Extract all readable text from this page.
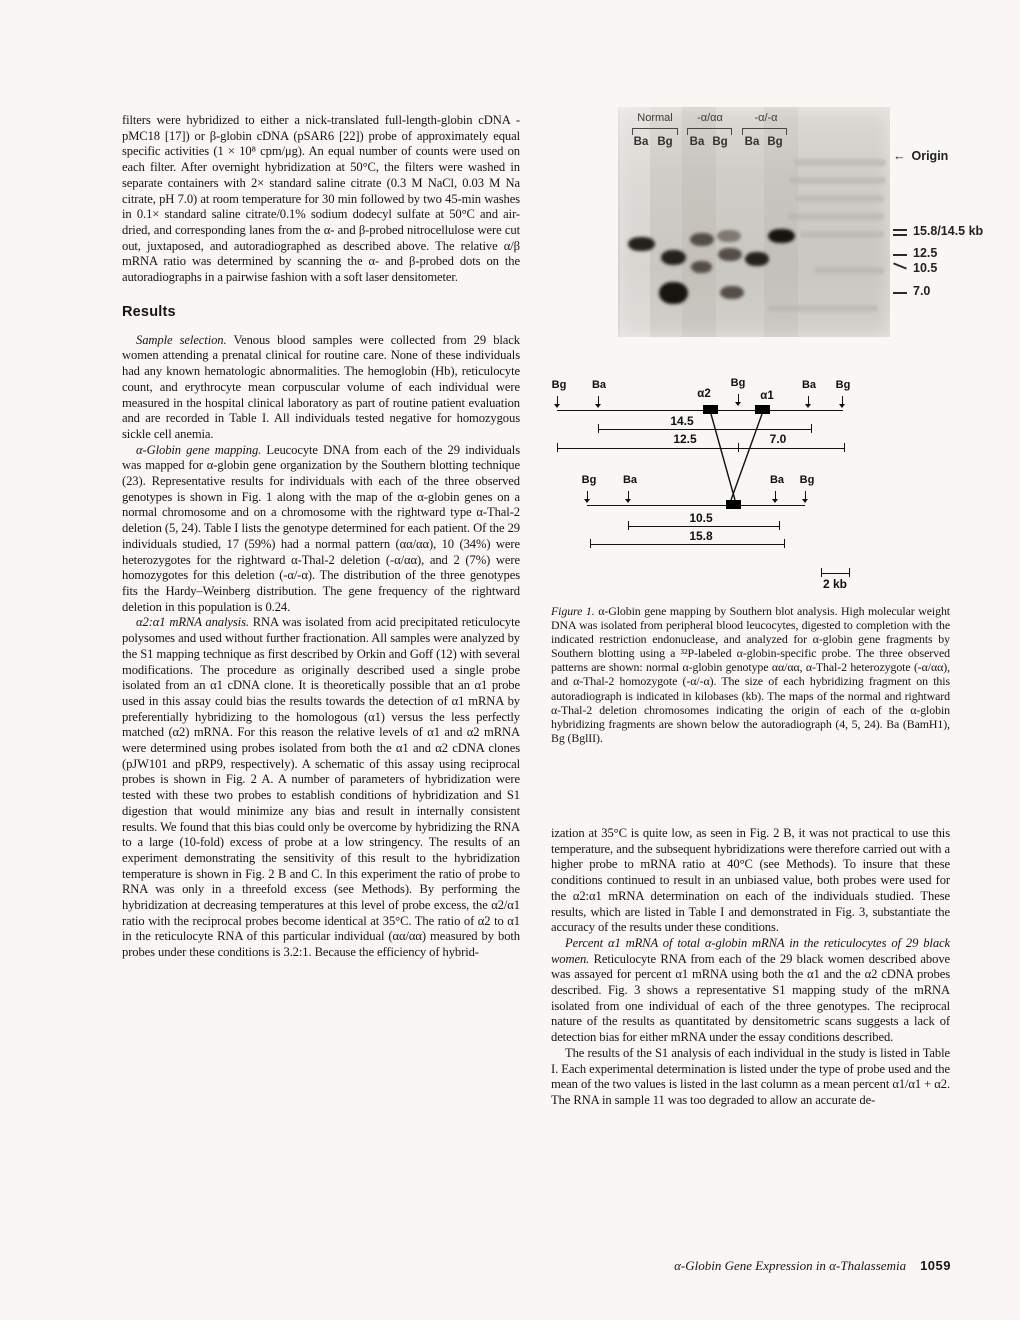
filters were hybridized to either a nick-translated full-length-globin cDNA -pMC18 [17]) or β-globin cDNA (pSAR6 [22]) probe of approximately equal specific activities (1 × 10⁸ cpm/μg). An equal number of counts were used on each filter. After overnight hybridization at 50°C, the filters were washed in separate containers with 2× standard saline citrate (0.3 M NaCl, 0.03 M Na citrate, pH 7.0) at room temperature for 30 min followed by two 45-min washes in 0.1× standard saline citrate/0.1% sodium dodecyl sulfate at 50°C and air-dried, and corresponding lanes from the α- and β-probed nitrocellulose were cut out, juxtaposed, and autoradiographed as described above. The relative α/β mRNA ratio was determined by scanning the α- and β-probed dots on the autoradiographs in a pairwise fashion with a soft laser densitometer.

Results

Sample selection. Venous blood samples were collected from 29 black women attending a prenatal clinical for routine care. None of these individuals had any known hematologic abnormalities. The hemoglobin (Hb), reticulocyte count, and erythrocyte mean corpuscular volume of each individual were measured in the hospital clinical laboratory as part of routine patient evaluation and are recorded in Table I. All individuals tested negative for homozygous sickle cell anemia.

α-Globin gene mapping. Leucocyte DNA from each of the 29 individuals was mapped for α-globin gene organization by the Southern blotting technique (23). Representative results for individuals with each of the three observed genotypes is shown in Fig. 1 along with the map of the α-globin genes on a normal chromosome and on a chromosome with the rightward type α-Thal-2 deletion (5, 24). Table I lists the genotype determined for each patient. Of the 29 individuals studied, 17 (59%) had a normal pattern (αα/αα), 10 (34%) were heterozygotes for the rightward α-Thal-2 deletion (-α/αα), and 2 (7%) were homozygotes for this deletion (-α/-α). The distribution of the three genotypes fits the Hardy–Weinberg distribution. The gene frequency of the rightward deletion in this population is 0.24.

α2:α1 mRNA analysis. RNA was isolated from acid precipitated reticulocyte polysomes and used without further fractionation. All samples were analyzed by the S1 mapping technique as first described by Orkin and Goff (12) with several modifications. The procedure as originally described used a single probe isolated from an α1 cDNA clone. It is theoretically possible that an α1 probe used in this assay could bias the results towards the detection of α1 mRNA by preferentially hybridizing to the homologous (α1) versus the less perfectly matched (α2) mRNA. For this reason the relative levels of α1 and α2 mRNA were determined using probes isolated from both the α1 and α2 cDNA clones (pJW101 and pRP9, respectively). A schematic of this assay using reciprocal probes is shown in Fig. 2 A. A number of parameters of hybridization were tested with these two probes to establish conditions of hybridization and S1 digestion that would minimize any bias and result in internally consistent results. We found that this bias could only be overcome by hybridizing the RNA to a large (10-fold) excess of probe at a low stringency. The results of an experiment demonstrating the sensitivity of this result to the hybridization temperature is shown in Fig. 2 B and C. In this experiment the ratio of probe to RNA was only in a threefold excess (see Methods). By performing the hybridization at decreasing temperatures at this level of probe excess, the α2/α1 ratio with the reciprocal probes become identical at 35°C. The ratio of α2 to α1 in the reticulocyte RNA of this particular individual (αα/αα) measured by both probes under these conditions is 3.2:1. Because the efficiency of hybrid-

Normal -α/αα	-α/-α
Ba Bg Ba Bg Ba Bg
← Origin
15.8/14.5 kb
12.5
10.5
7.0
Bg Ba	Bg	Ba Bg
α2	α1
14.5
12.5	7.0
Bg Ba	Ba Bg
10.5
15.8
2 kb

Figure 1. α-Globin gene mapping by Southern blot analysis. High molecular weight DNA was isolated from peripheral blood leucocytes, digested to completion with the indicated restriction endonuclease, and analyzed for α-globin gene fragments by Southern blotting using a ³²P-labeled α-globin-specific probe. The three observed patterns are shown: normal α-globin genotype αα/αα, α-Thal-2 heterozygote (-α/αα), and α-Thal-2 homozygote (-α/-α). The size of each hybridizing fragment on this autoradiograph is indicated in kilobases (kb). The maps of the normal and rightward α-Thal-2 deletion chromosomes indicating the origin of each of the α-globin hybridizing fragments are shown below the autoradiograph (4, 5, 24). Ba (BamH1), Bg (BglII).

ization at 35°C is quite low, as seen in Fig. 2 B, it was not practical to use this temperature, and the subsequent hybridizations were therefore carried out with a higher probe to mRNA ratio at 40°C (see Methods). To insure that these conditions continued to result in an unbiased value, both probes were used for the α2:α1 mRNA determination on each of the individuals studied. These results, which are listed in Table I and demonstrated in Fig. 3, substantiate the accuracy of the results under these conditions.

Percent α1 mRNA of total α-globin mRNA in the reticulocytes of 29 black women. Reticulocyte RNA from each of the 29 black women described above was assayed for percent α1 mRNA using both the α1 and the α2 cDNA probes described. Fig. 3 shows a representative S1 mapping study of the mRNA isolated from one individual of each of the three genotypes. The reciprocal nature of the results as quantitated by densitometric scans suggests a lack of detection bias for either mRNA under the essay conditions described.

The results of the S1 analysis of each individual in the study is listed in Table I. Each experimental determination is listed under the type of probe used and the mean of the two values is listed in the last column as a mean percent α1/α1 + α2. The RNA in sample 11 was too degraded to allow an accurate de-

α-Globin Gene Expression in α-Thalassemia 1059
